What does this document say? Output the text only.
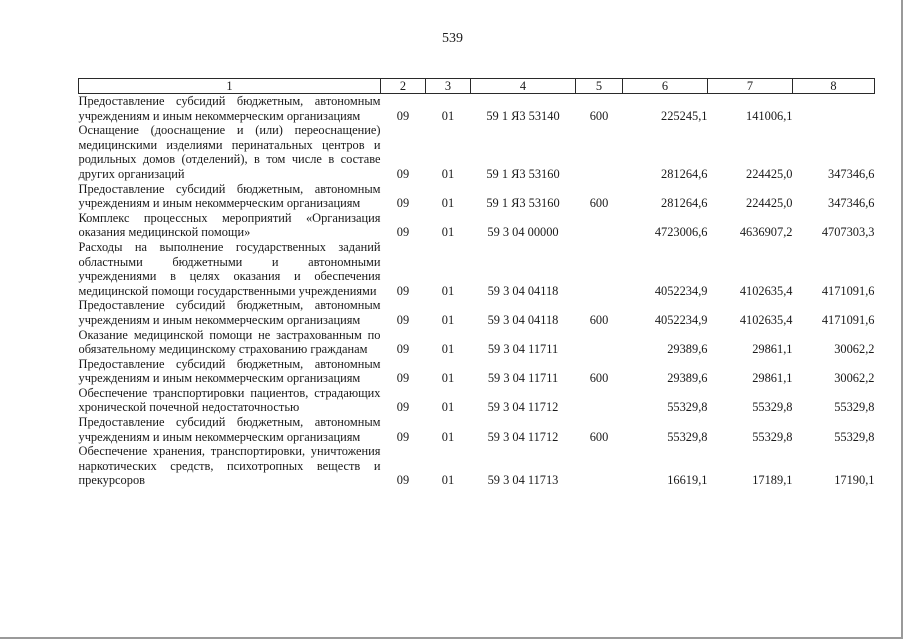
539
1	2	3	4	5	6	7	8
Предоставление субсидий бюджетным, автономным учреждениям и иным некоммерческим организациям	09	01	59 1 Я3 53140	600	225245,1	141006,1	
Оснащение (дооснащение и (или) переоснащение) медицинскими изделиями перинатальных центров и родильных домов (отделений), в том числе в составе других организаций	09	01	59 1 Я3 53160		281264,6	224425,0	347346,6
Предоставление субсидий бюджетным, автономным учреждениям и иным некоммерческим организациям	09	01	59 1 Я3 53160	600	281264,6	224425,0	347346,6
Комплекс процессных мероприятий «Организация оказания медицинской помощи»	09	01	59 3 04 00000		4723006,6	4636907,2	4707303,3
Расходы на выполнение государственных заданий областными бюджетными и автономными учреждениями в целях оказания и обеспечения медицинской помощи государственными учреждениями	09	01	59 3 04 04118		4052234,9	4102635,4	4171091,6
Предоставление субсидий бюджетным, автономным учреждениям и иным некоммерческим организациям	09	01	59 3 04 04118	600	4052234,9	4102635,4	4171091,6
Оказание медицинской помощи не застрахованным по обязательному медицинскому страхованию гражданам	09	01	59 3 04 11711		29389,6	29861,1	30062,2
Предоставление субсидий бюджетным, автономным учреждениям и иным некоммерческим организациям	09	01	59 3 04 11711	600	29389,6	29861,1	30062,2
Обеспечение транспортировки пациентов, страдающих хронической почечной недостаточностью	09	01	59 3 04 11712		55329,8	55329,8	55329,8
Предоставление субсидий бюджетным, автономным учреждениям и иным некоммерческим организациям	09	01	59 3 04 11712	600	55329,8	55329,8	55329,8
Обеспечение хранения, транспортировки, уничтожения наркотических средств, психотропных веществ и прекурсоров	09	01	59 3 04 11713		16619,1	17189,1	17190,1
